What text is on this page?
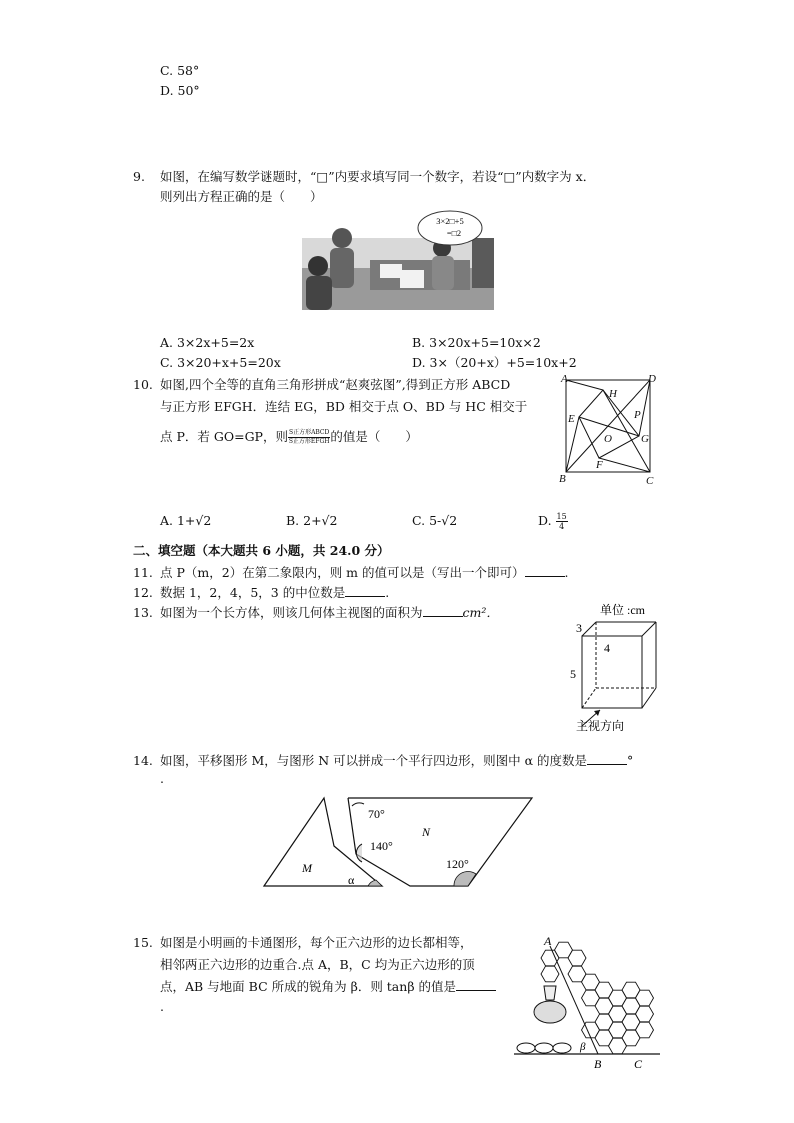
C. 58°
D. 50°
9. 如图，在编写数学谜题时，“□”内要求填写同一个数字，若设“□”内数字为 x．
则列出方程正确的是（　　）
3×2□+5
=□2
A. 3×2x+5=2x	B. 3×20x+5=10x×2
C. 3×20+x+5=20x	D. 3×（20+x）+5=10x+2
10. 如图,四个全等的直角三角形拼成“赵爽弦图”,得到正方形 ABCD
与正方形 EFGH．连结 EG，BD 相交于点 O、BD 与 HC 相交于
点 P．若 GO=GP，则 $\frac{\text{S正方形ABCD}}{\text{S正方形EFGH}}$ 的值是（　　）
A	D
B	C
E
H
P
G
O
F
A. 1+√2	B. 2+√2	C. 5-√2	D. $\frac{15}{4}$
二、填空题（本大题共 6 小题，共 24.0 分）
11. 点 P（m，2）在第二象限内，则 m 的值可以是（写出一个即可）	.
12. 数据 1，2，4，5，3 的中位数是	.
13. 如图为一个长方体，则该几何体主视图的面积为	cm²．	单位 :cm
3
4
5
主视方向
14. 如图，平移图形 M，与图形 N 可以拼成一个平行四边形，则图中 α 的度数是	°
.
70°
140°
120°
M
N
α
15. 如图是小明画的卡通图形，每个正六边形的边长都相等，
相邻两正六边形的边重合.点 A，B，C 均为正六边形的顶
点，AB 与地面 BC 所成的锐角为 β．则 tanβ 的值是
.
A
B	C
β
